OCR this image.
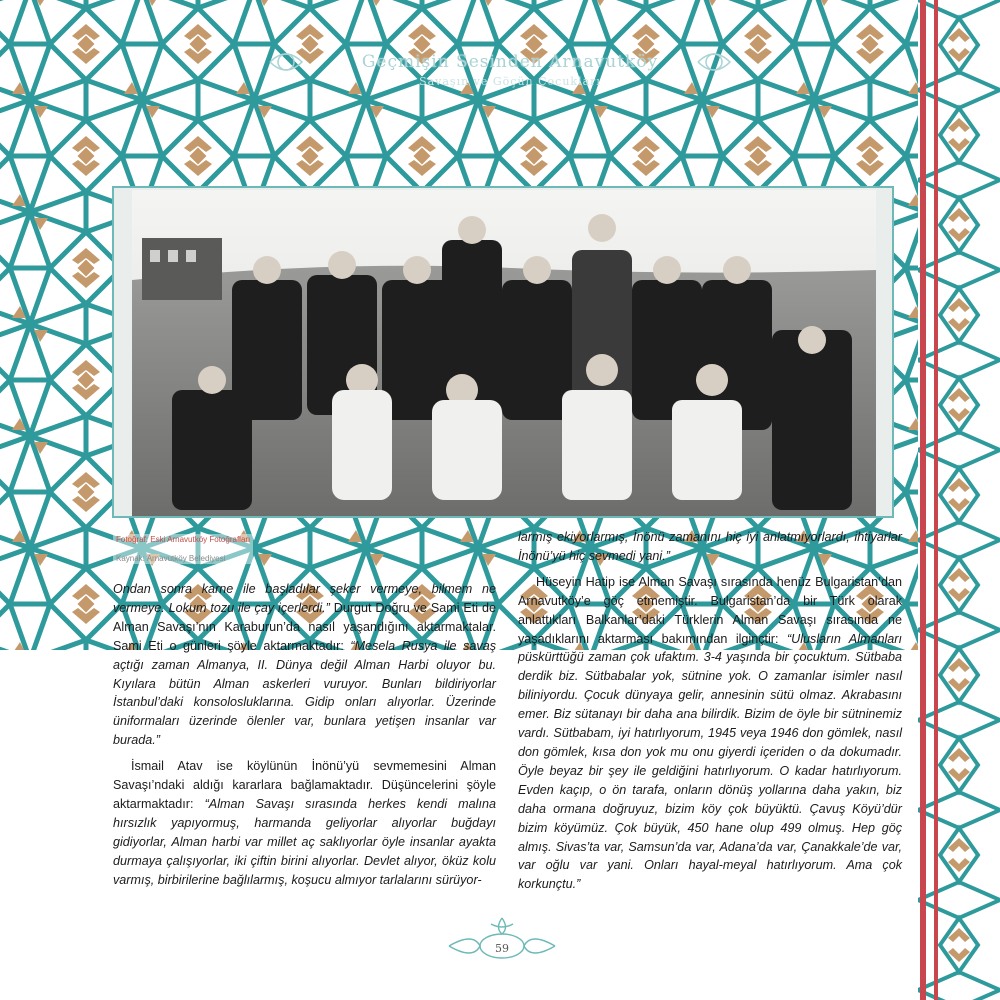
Geçmişin Sesinden Arnavutköy
Savaşın ve Göçün Çocukları
Fotoğraf: Eski Arnavutköy Fotoğrafları
Kaynak: Arnavutköy Belediyesi

Ondan sonra karne ile başladılar şeker vermeye, bilmem ne vermeye. Lokum tozu ile çay içerlerdi.” Durgut Doğru ve Sami Eti de Alman Savaşı’nın Karaburun’da nasıl yaşandığını aktarmaktalar. Sami Eti o günleri şöyle aktarmaktadır: “Mesela Rusya ile savaş açtığı zaman Almanya, II. Dünya değil Alman Harbi oluyor bu. Kıyılara bütün Alman askerleri vuruyor. Bunları bildiriyorlar İstanbul’daki konsolosluklarına. Gidip onları alıyorlar. Üzerinde üniformaları üzerinde ölenler var, bunlara yetişen insanlar var burada.”

İsmail Atav ise köylünün İnönü’yü sevmemesini Alman Savaşı’ndaki aldığı kararlara bağlamaktadır. Düşüncelerini şöyle aktarmaktadır: “Alman Savaşı sırasında herkes kendi malına hırsızlık yapıyormuş, harmanda geliyorlar alıyorlar buğdayı gidiyorlar, Alman harbi var millet aç saklıyorlar öyle insanlar ayakta durmaya çalışıyorlar, iki çiftin birini alıyorlar. Devlet alıyor, öküz kolu varmış, birbirilerine bağlılarmış, koşucu almıyor tarlalarını sürüyor-

larmış ekiyorlarmış, İnönü zamanını hiç iyi anlatmıyorlardı, ihtiyarlar İnönü’yü hiç sevmedi yani.”

Hüseyin Hatip ise Alman Savaşı sırasında henüz Bulgaristan’dan Arnavutköy’e göç etmemiştir. Bulgaristan’da bir Türk olarak anlattıkları Balkanlar’daki Türklerin Alman Savaşı sırasında ne yaşadıklarını aktarması bakımından ilginçtir: “Ulusların Almanları püskürttüğü zaman çok ufaktım. 3-4 yaşında bir çocuktum. Sütbaba derdik biz. Sütbabalar yok, sütnine yok. O zamanlar isimler nasıl biliniyordu. Çocuk dünyaya gelir, annesinin sütü olmaz. Akrabasını emer. Biz sütanayı bir daha ana bilirdik. Bizim de öyle bir sütninemiz vardı. Sütbabam, iyi hatırlıyorum, 1945 veya 1946 don gömlek, nasıl don gömlek, kısa don yok mu onu giyerdi içeriden o da dokumadır. Öyle beyaz bir şey ile geldiğini hatırlıyorum. O kadar hatırlıyorum. Evden kaçıp, o ön tarafa, onların dönüş yollarına daha yakın, biz daha ormana doğruyuz, bizim köy çok büyüktü. Çavuş Köyü’dür bizim köyümüz. Çok büyük, 450 hane olup 499 olmuş. Hep göç almış. Sivas’ta var, Samsun’da var, Adana’da var, Çanakkale’de var, var oğlu var yani. Onları hayal-meyal hatırlıyorum. Ama çok korkunçtu.”

59
